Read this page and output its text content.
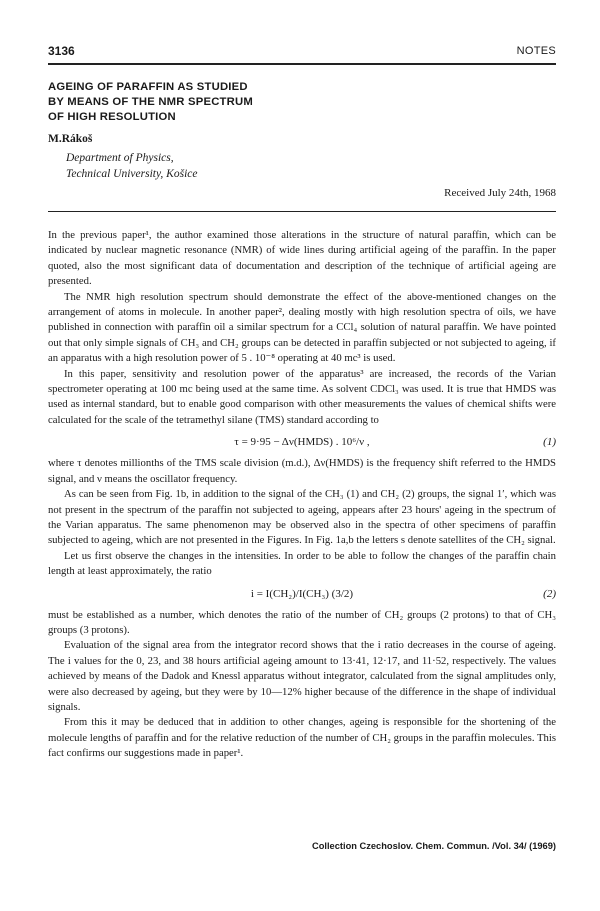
3136	NOTES
AGEING OF PARAFFIN AS STUDIED
BY MEANS OF THE NMR SPECTRUM
OF HIGH RESOLUTION
M.Rákoš
Department of Physics,
Technical University, Košice
Received July 24th, 1968

In the previous paper¹, the author examined those alterations in the structure of natural paraffin, which can be indicated by nuclear magnetic resonance (NMR) of wide lines during artificial ageing of the paraffin. In the paper quoted, also the most significant data of documentation and description of the technique of artificial ageing are presented.

The NMR high resolution spectrum should demonstrate the effect of the above-mentioned changes on the arrangement of atoms in molecule. In another paper², dealing mostly with high resolution spectra of oils, we have published in connection with paraffin oil a similar spectrum for a CCl₄ solution of natural paraffin. We have pointed out that only simple signals of CH₃ and CH₂ groups can be detected in paraffin subjected or not subjected to ageing, if an apparatus with a high resolution power of 5 . 10⁻⁸ operating at 40 mc³ is used.

In this paper, sensitivity and resolution power of the apparatus³ are increased, the records of the Varian spectrometer operating at 100 mc being used at the same time. As solvent CDCl₃ was used. It is true that HMDS was used as internal standard, but to enable good comparison with other measurements the values of chemical shifts were calculated for the scale of the tetramethyl silane (TMS) standard according to

τ = 9·95 − Δν(HMDS) . 10⁶/ν ,	(1)

where τ denotes millionths of the TMS scale division (m.d.), Δν(HMDS) is the frequency shift referred to the HMDS signal, and ν means the oscillator frequency.

As can be seen from Fig. 1b, in addition to the signal of the CH₃ (1) and CH₂ (2) groups, the signal 1′, which was not present in the spectrum of the paraffin not subjected to ageing, appears after 23 hours' ageing in the spectrum of the Varian apparatus. The same phenomenon may be observed also in the spectra of other specimens of paraffin subjected to ageing, which are not presented in the Figures. In Fig. 1a,b the letters s denote satellites of the CH₂ signal.

Let us first observe the changes in the intensities. In order to be able to follow the changes of the paraffin chain length at least approximately, the ratio

i = I(CH₂)/I(CH₃) (3/2)	(2)

must be established as a number, which denotes the ratio of the number of CH₂ groups (2 protons) to that of CH₃ groups (3 protons).

Evaluation of the signal area from the integrator record shows that the i ratio decreases in the course of ageing. The i values for the 0, 23, and 38 hours artificial ageing amount to 13·41, 12·17, and 11·52, respectively. The values achieved by means of the Dadok and Knessl apparatus without integrator, calculated from the signal amplitudes only, were also decreased by ageing, but they were by 10—12% higher because of the difference in the shape of individual signals.

From this it may be deduced that in addition to other changes, ageing is responsible for the shortening of the molecule lengths of paraffin and for the relative reduction of the number of CH₂ groups in the paraffin molecules. This fact confirms our suggestions made in paper¹.

Collection Czechoslov. Chem. Commun. /Vol. 34/ (1969)
